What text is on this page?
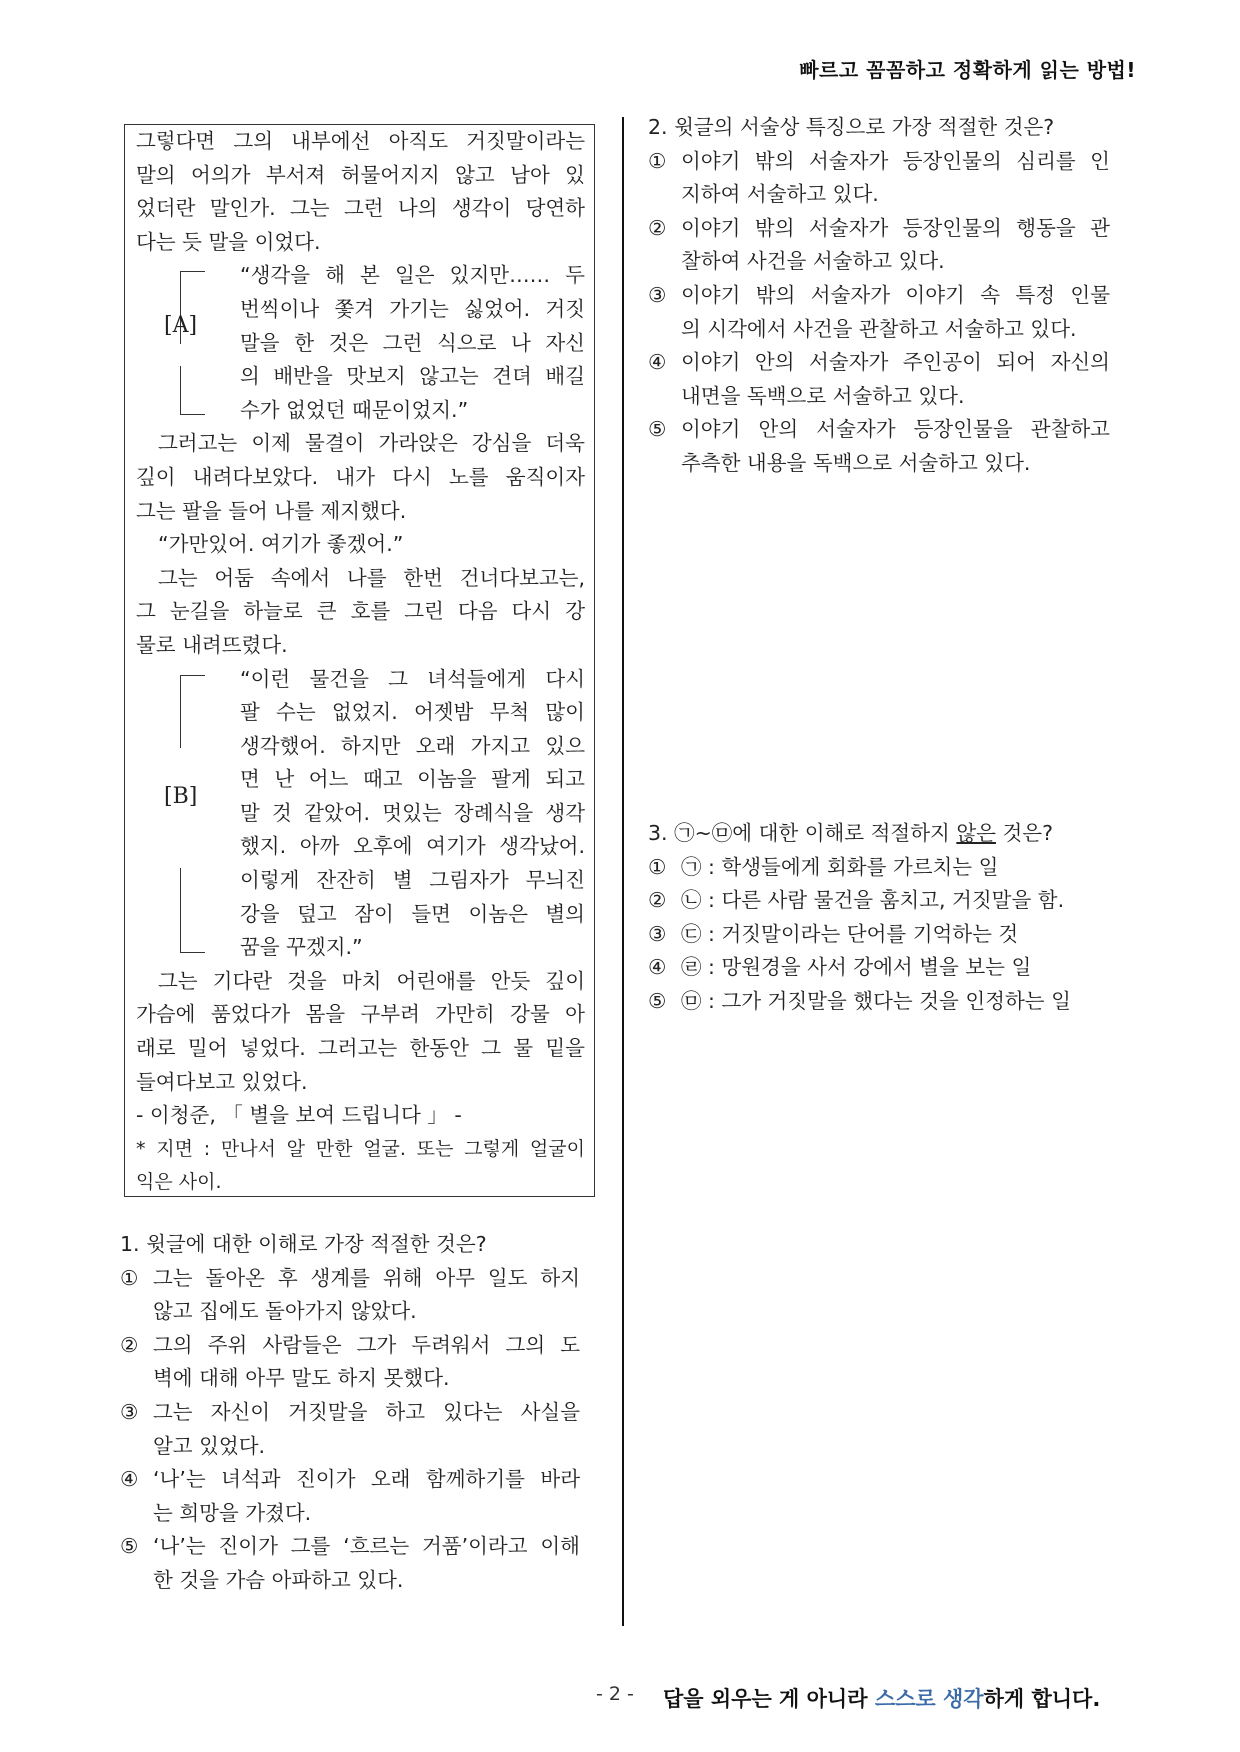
빠르고 꼼꼼하고 정확하게 읽는 방법!
그렇다면 그의 내부에선 아직도 거짓말이라는
말의 어의가 부서져 허물어지지 않고 남아 있
었더란 말인가. 그는 그런 나의 생각이 당연하
다는 듯 말을 이었다.
[A]
“생각을 해 본 일은 있지만…… 두
번씩이나 쫓겨 가기는 싫었어. 거짓
말을 한 것은 그런 식으로 나 자신
의 배반을 맛보지 않고는 견뎌 배길
수가 없었던 때문이었지.”
그러고는 이제 물결이 가라앉은 강심을 더욱
깊이 내려다보았다. 내가 다시 노를 움직이자
그는 팔을 들어 나를 제지했다.
“가만있어. 여기가 좋겠어.”
그는 어둠 속에서 나를 한번 건너다보고는,
그 눈길을 하늘로 큰 호를 그린 다음 다시 강
물로 내려뜨렸다.
[B]
“이런 물건을 그 녀석들에게 다시
팔 수는 없었지. 어젯밤 무척 많이
생각했어. 하지만 오래 가지고 있으
면 난 어느 때고 이놈을 팔게 되고
말 것 같았어. 멋있는 장례식을 생각
했지. 아까 오후에 여기가 생각났어.
이렇게 잔잔히 별 그림자가 무늬진
강을 덮고 잠이 들면 이놈은 별의
꿈을 꾸겠지.”
그는 기다란 것을 마치 어린애를 안듯 깊이
가슴에 품었다가 몸을 구부려 가만히 강물 아
래로 밀어 넣었다. 그러고는 한동안 그 물 밑을
들여다보고 있었다.
- 이청준, 「 별을 보여 드립니다 」 -
* 지면 : 만나서 알 만한 얼굴. 또는 그렇게 얼굴이
익은 사이.
1. 윗글에 대한 이해로 가장 적절한 것은?
① 그는 돌아온 후 생계를 위해 아무 일도 하지
않고 집에도 돌아가지 않았다.
② 그의 주위 사람들은 그가 두려워서 그의 도
벽에 대해 아무 말도 하지 못했다.
③ 그는 자신이 거짓말을 하고 있다는 사실을
알고 있었다.
④ ‘나’는 녀석과 진이가 오래 함께하기를 바라
는 희망을 가졌다.
⑤ ‘나’는 진이가 그를 ‘흐르는 거품’이라고 이해
한 것을 가슴 아파하고 있다.
2. 윗글의 서술상 특징으로 가장 적절한 것은?
① 이야기 밖의 서술자가 등장인물의 심리를 인
지하여 서술하고 있다.
② 이야기 밖의 서술자가 등장인물의 행동을 관
찰하여 사건을 서술하고 있다.
③ 이야기 밖의 서술자가 이야기 속 특정 인물
의 시각에서 사건을 관찰하고 서술하고 있다.
④ 이야기 안의 서술자가 주인공이 되어 자신의
내면을 독백으로 서술하고 있다.
⑤ 이야기 안의 서술자가 등장인물을 관찰하고
추측한 내용을 독백으로 서술하고 있다.
3. ㉠~㉤에 대한 이해로 적절하지 않은 것은?
① ㉠ : 학생들에게 회화를 가르치는 일
② ㉡ : 다른 사람 물건을 훔치고, 거짓말을 함.
③ ㉢ : 거짓말이라는 단어를 기억하는 것
④ ㉣ : 망원경을 사서 강에서 별을 보는 일
⑤ ㉤ : 그가 거짓말을 했다는 것을 인정하는 일
- 2 - 답을 외우는 게 아니라 스스로 생각하게 합니다.
